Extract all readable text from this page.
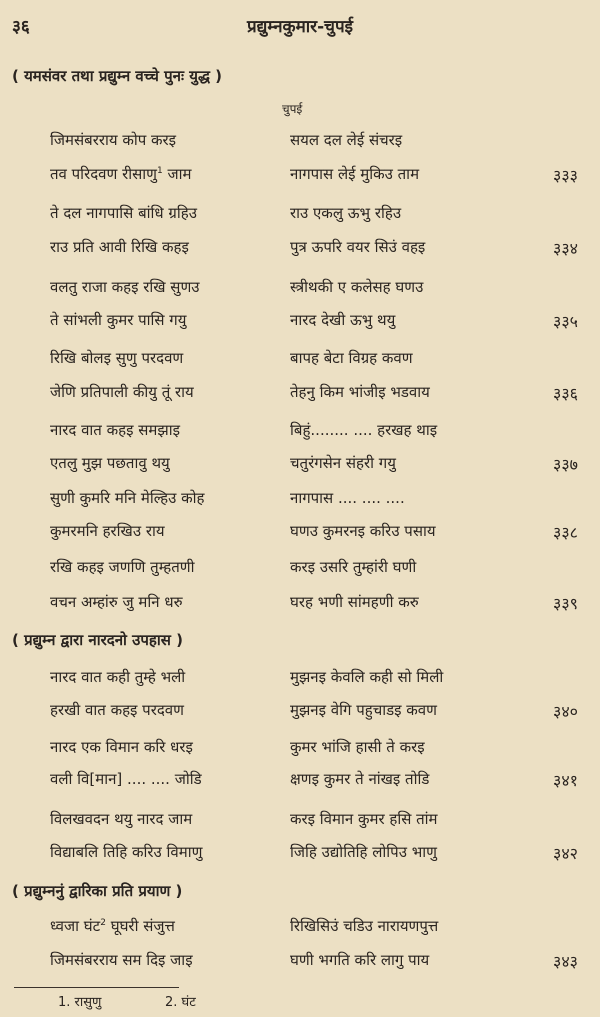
३६	प्रद्युम्नकुमार-चुपई
( यमसंवर तथा प्रद्युम्न वच्चे पुनः युद्ध )
चुपई
जिमसंबरराय कोप करइ	सयल दल लेई संचरइ
तव परिदवण रीसाणु$^1$ जाम	नागपास लेई मुकिउ ताम	३३३
ते दल नागपासि बांधि ग्रहिउ	राउ एकलु ऊभु रहिउ
राउ प्रति आवी रिखि कहइ	पुत्र ऊपरि वयर सिउं वहइ	३३४
वलतु राजा कहइ रखि सुणउ	स्त्रीथकी ए कलेसह घणउ
ते सांभली कुमर पासि गयु	नारद देखी ऊभु थयु	३३५
रिखि बोलइ सुणु परदवण	बापह बेटा विग्रह कवण
जेणि प्रतिपाली कीयु तूं राय	तेहनु किम भांजीइ भडवाय	३३६
नारद वात कहइ समझाइ	बिहुं........ .... हरखह थाइ
एतलु मुझ पछतावु थयु	चतुरंगसेन संहरी गयु	३३७
सुणी कुमरि मनि मेल्हिउ कोह	नागपास .... .... ....
कुमरमनि हरखिउ राय	घणउ कुमरनइ करिउ पसाय	३३८
रखि कहइ जणणि तुम्हतणी	करइ उसरि तुम्हांरी घणी
वचन अम्हांरु जु मनि धरु	घरह भणी सांमहणी करु	३३९
( प्रद्युम्न द्वारा नारदनो उपहास )
नारद वात कही तुम्हे भली	मुझनइ केवलि कही सो मिली
हरखी वात कहइ परदवण	मुझनइ वेगि पहुचाडइ कवण	३४०
नारद एक विमान करि धरइ	कुमर भांजि हासी ते करइ
वली वि[मान] .... .... जोडि	क्षणइ कुमर ते नांखइ तोडि	३४१
विलखवदन थयु नारद जाम	करइ विमान कुमर हसि तांम
विद्याबलि तिहि करिउ विमाणु	जिहि उद्योतिहि लोपिउ भाणु	३४२
( प्रद्युम्ननुं द्वारिका प्रति प्रयाण )
ध्वजा घंट$^2$ घूघरी संजुत्त	रिखिसिउं चडिउ नारायणपुत्त
जिमसंबरराय सम दिइ जाइ	घणी भगति करि लागु पाय	३४३
1. रासुणु	2. घंट
